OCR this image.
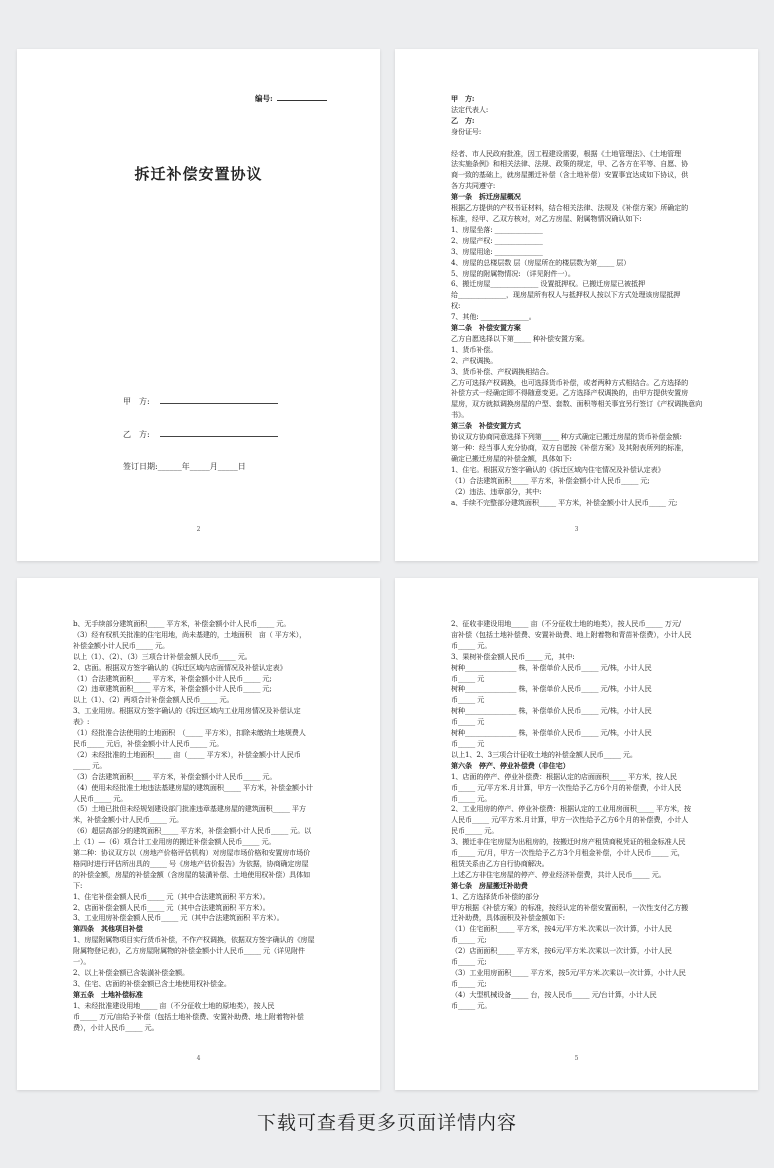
编号:
拆迁补偿安置协议
甲　方:
乙　方:
签订日期:______年_____月_____日
2

甲　方:

法定代表人:

乙　方:

身份证号:

经者、市人民政府批准，因工程建设需要，根据《土地管理法》、《土地管理

法实施条例》和相关法律、法规、政策的规定，甲、乙各方在平等、自愿、协

商一致的基础上，就房屋搬迁补偿（含土地补偿）安置事宜达成如下协议，供

各方共同遵守:

第一条　拆迁房屋概况

根据乙方提供的产权书证材料，结合相关法律、法规及《补偿方案》所确定的

标准，经甲、乙双方核对，对乙方房屋、附属物情况确认如下:

1、房屋坐落: ______________

2、房屋产权: ______________

3、房屋用途: ______________

4、房屋的总楼层数 层（房屋所在的楼层数为第_____ 层）

5、房屋的附属物情况: （详见附件一）。

6、搬迁房屋______________ 设置抵押权。已搬迁房屋已被抵押

给______________，现房屋所有权人与抵押权人按以下方式处理该房屋抵押

权:

7、其他: ______________。

第二条　补偿安置方案

乙方自愿选择以下第_____ 种补偿安置方案。

1、货币补偿。

2、产权调换。

3、货币补偿、产权调换相结合。

乙方可选择产权调换，也可选择货币补偿，或者两种方式相结合。乙方选择的

补偿方式一经确定即不得随意变更。乙方选择产权调换的，由甲方提供安置房

屋房，双方就拟调换房屋的户型、套数、面积等相关事宜另行签订《产权调换意向

书》。

第三条　补偿安置方式

协议双方协商同意选择下列第_____ 种方式确定已搬迁房屋的货币补偿金额:

第一种：经当事人充分协商，双方自愿按《补偿方案》及其附表所列的标准，

确定已搬迁房屋的补偿金额，具体如下:

1、住宅。根据双方签字确认的《拆迁区域内住宅情况及补偿认定表》

（1）合法建筑面积_____ 平方米，补偿金额小计人民币_____ 元;

（2）违法、违章部分，其中:

a、手续不完整部分建筑面积_____ 平方米，补偿金额小计人民币_____ 元;

3

b、无手续部分建筑面积_____ 平方米，补偿金额小计人民币_____ 元。

（3）经有权机关批准的住宅用地，尚未基建的，土地面积　亩（ 平方米），

补偿金额小计人民币_____ 元。

以上（1）、（2）、（3）三项合计补偿金额人民币_____ 元。

2、店面。根据双方签字确认的《拆迁区域内店面情况及补偿认定表》

（1）合法建筑面积_____ 平方米，补偿金额小计人民币_____ 元;

（2）违章建筑面积_____ 平方米，补偿金额小计人民币_____ 元;

以上（1）、（2）两项合计补偿金额人民币_____ 元。

3、工业用房。根据双方签字确认的《拆迁区域内工业用房情况及补偿认定

表》:

（1）经批准合法使用的土地面积　（_____ 平方米），扣除未缴纳土地规费人

民币_____ 元后，补偿金额小计人民币_____ 元。

（2）未经批准的土地面积_____ 亩（_____ 平方米），补偿金额小计人民币

_____ 元。

（3）合法建筑面积_____ 平方米，补偿金额小计人民币_____ 元。

（4）使用未经批准土地违法基建房屋的建筑面积_____ 平方米，补偿金额小计

人民币_____ 元。

（5）土地已批但未经规划建设部门批准违章基建房屋的建筑面积_____ 平方

米，补偿金额小计人民币_____ 元。

（6）超层高部分的建筑面积_____ 平方米，补偿金额小计人民币_____ 元。以

上（1）—（6）项合计工业用房的搬迁补偿金额人民币_____ 元。

第二种：协议双方以（房地产价格评估机构）对房屋市场价格和安置房市场价

格同时进行评估所出具的_____ 号《房地产估价报告》为依据，协商确定房屋

的补偿金额，房屋的补偿金额（含房屋的装潢补偿、土地使用权补偿）具体如

下:

1、住宅补偿金额人民币_____ 元（其中合法建筑面积 平方米）。

2、店面补偿金额人民币_____ 元（其中合法建筑面积 平方米）。

3、工业用房补偿金额人民币_____ 元（其中合法建筑面积 平方米）。

第四条　其他项目补偿

1、房屋附属物项目实行货币补偿，不作产权调换，依据双方签字确认的《房屋

附属物登记表》，乙方房屋附属物的补偿金额小计人民币_____ 元（详见附件

一）。

2、以上补偿金额已含装潢补偿金额。

3、住宅、店面的补偿金额已含土地使用权补偿金。

第五条　土地补偿标准

1、未经批准建设用地_____ 亩（不分征收土地的原地类），按人民

币_____ 万元/亩给予补偿（包括土地补偿费、安置补助费、地上附着物补偿

费），小计人民币_____ 元。

4

2、征收非建设用地_____ 亩（不分征收土地的地类），按人民币_____ 万元/

亩补偿（包括土地补偿费、安置补助费、地上附着物和青苗补偿费），小计人民

币_____ 元。

3、果树补偿金额人民币_____ 元，其中:

树种_______________ 株，补偿单价人民币_____ 元/株，小计人民

币_____ 元

树种_______________ 株，补偿单价人民币_____ 元/株，小计人民

币_____ 元

树种_______________ 株，补偿单价人民币_____ 元/株，小计人民

币_____ 元

树种_______________ 株，补偿单价人民币_____ 元/株，小计人民

币_____ 元

以上1、2、3三项合计征收土地的补偿金额人民币_____ 元。

第六条　停产、停业补偿费（非住宅）

1、店面的停产、停业补偿费：根据认定的店面面积_____ 平方米，按人民

币_____ 元/平方米.月计算，甲方一次性给予乙方6个月的补偿费，小计人民

币_____ 元。

2、工业用房的停产、停业补偿费：根据认定的工业用房面积_____ 平方米，按

人民币_____ 元/平方米.月计算，甲方一次性给予乙方6个月的补偿费，小计人

民币_____ 元。

3、搬迁非住宅房屋为出租房的，按搬迁时房产租赁商税凭证的租金标准人民

币_____ 元/月，甲方一次性给予乙方3个月租金补偿，小计人民币_____ 元，

租赁关系由乙方自行协商解决。

上述乙方非住宅房屋的停产、停业经济补偿费，共计人民币_____ 元。

第七条　房屋搬迁补助费

1、乙方选择货币补偿的部分

甲方根据《补偿方案》的标准，按经认定的补偿安置面积，一次性支付乙方搬

迁补助费，具体面积及补偿金额如下:

（1）住宅面积_____ 平方米，按4元/平方米.次乘以一次计算，小计人民

币_____ 元;

（2）店面面积_____ 平方米，按6元/平方米.次乘以一次计算，小计人民

币_____ 元;

（3）工业用房面积_____ 平方米，按5元/平方米.次乘以一次计算，小计人民

币_____ 元;

（4）大型机械设备_____ 台，按人民币_____ 元/台计算，小计人民

币_____ 元。

5
下载可查看更多页面详情内容
